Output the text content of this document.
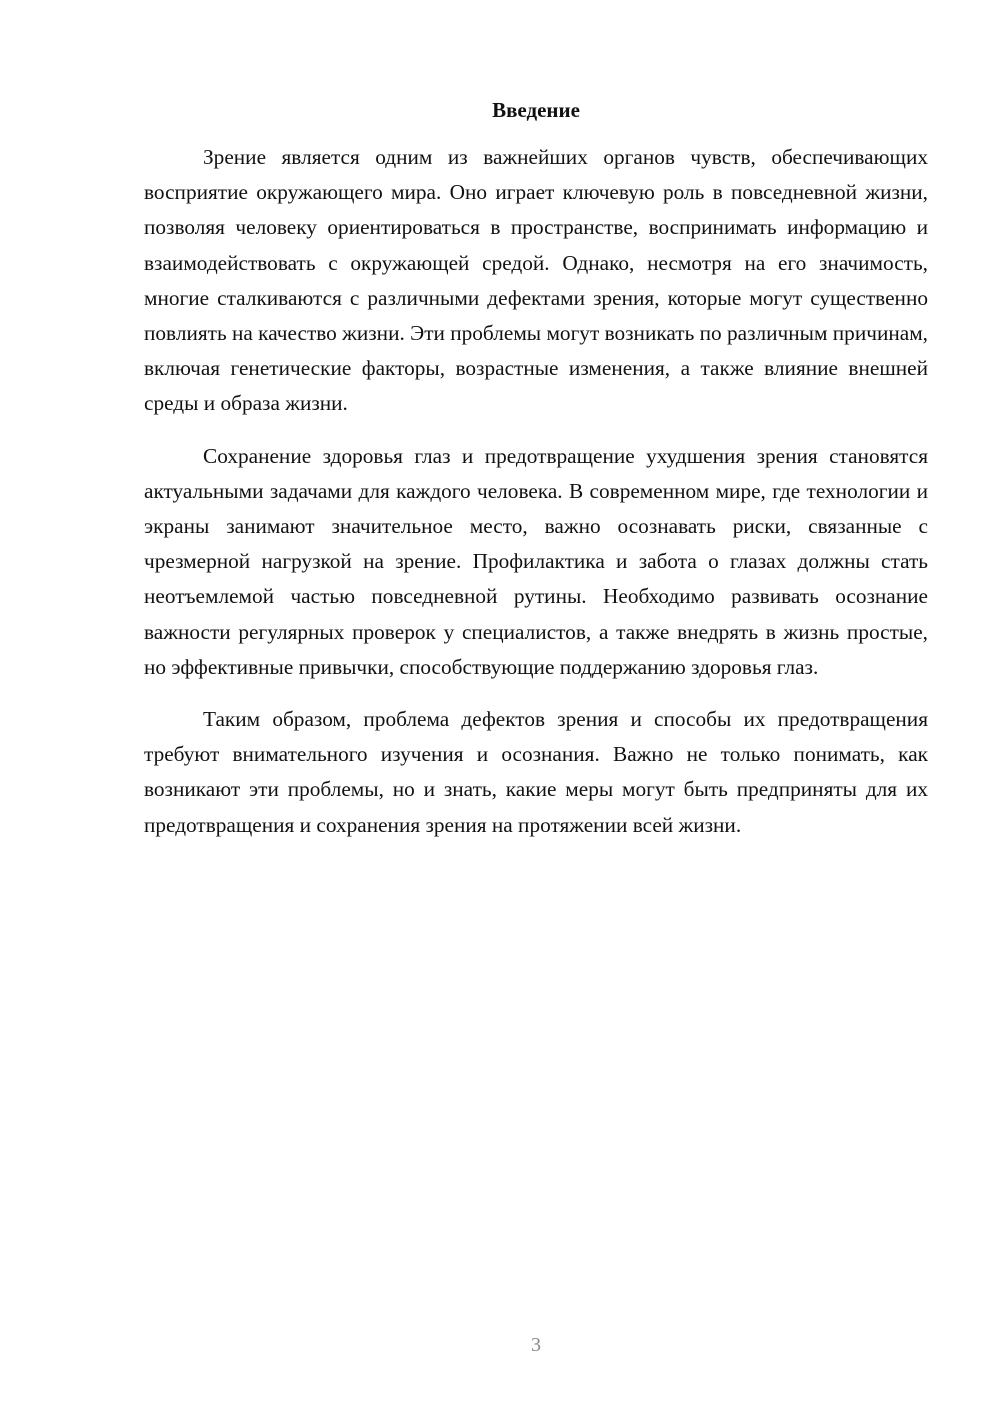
Введение

Зрение является одним из важнейших органов чувств, обеспечивающих восприятие окружающего мира. Оно играет ключевую роль в повседневной жизни, позволяя человеку ориентироваться в пространстве, воспринимать информацию и взаимодействовать с окружающей средой. Однако, несмотря на его значимость, многие сталкиваются с различными дефектами зрения, которые могут существенно повлиять на качество жизни. Эти проблемы могут возникать по различным причинам, включая генетические факторы, возрастные изменения, а также влияние внешней среды и образа жизни.

Сохранение здоровья глаз и предотвращение ухудшения зрения становятся актуальными задачами для каждого человека. В современном мире, где технологии и экраны занимают значительное место, важно осознавать риски, связанные с чрезмерной нагрузкой на зрение. Профилактика и забота о глазах должны стать неотъемлемой частью повседневной рутины. Необходимо развивать осознание важности регулярных проверок у специалистов, а также внедрять в жизнь простые, но эффективные привычки, способствующие поддержанию здоровья глаз.

Таким образом, проблема дефектов зрения и способы их предотвращения требуют внимательного изучения и осознания. Важно не только понимать, как возникают эти проблемы, но и знать, какие меры могут быть предприняты для их предотвращения и сохранения зрения на протяжении всей жизни.

3
